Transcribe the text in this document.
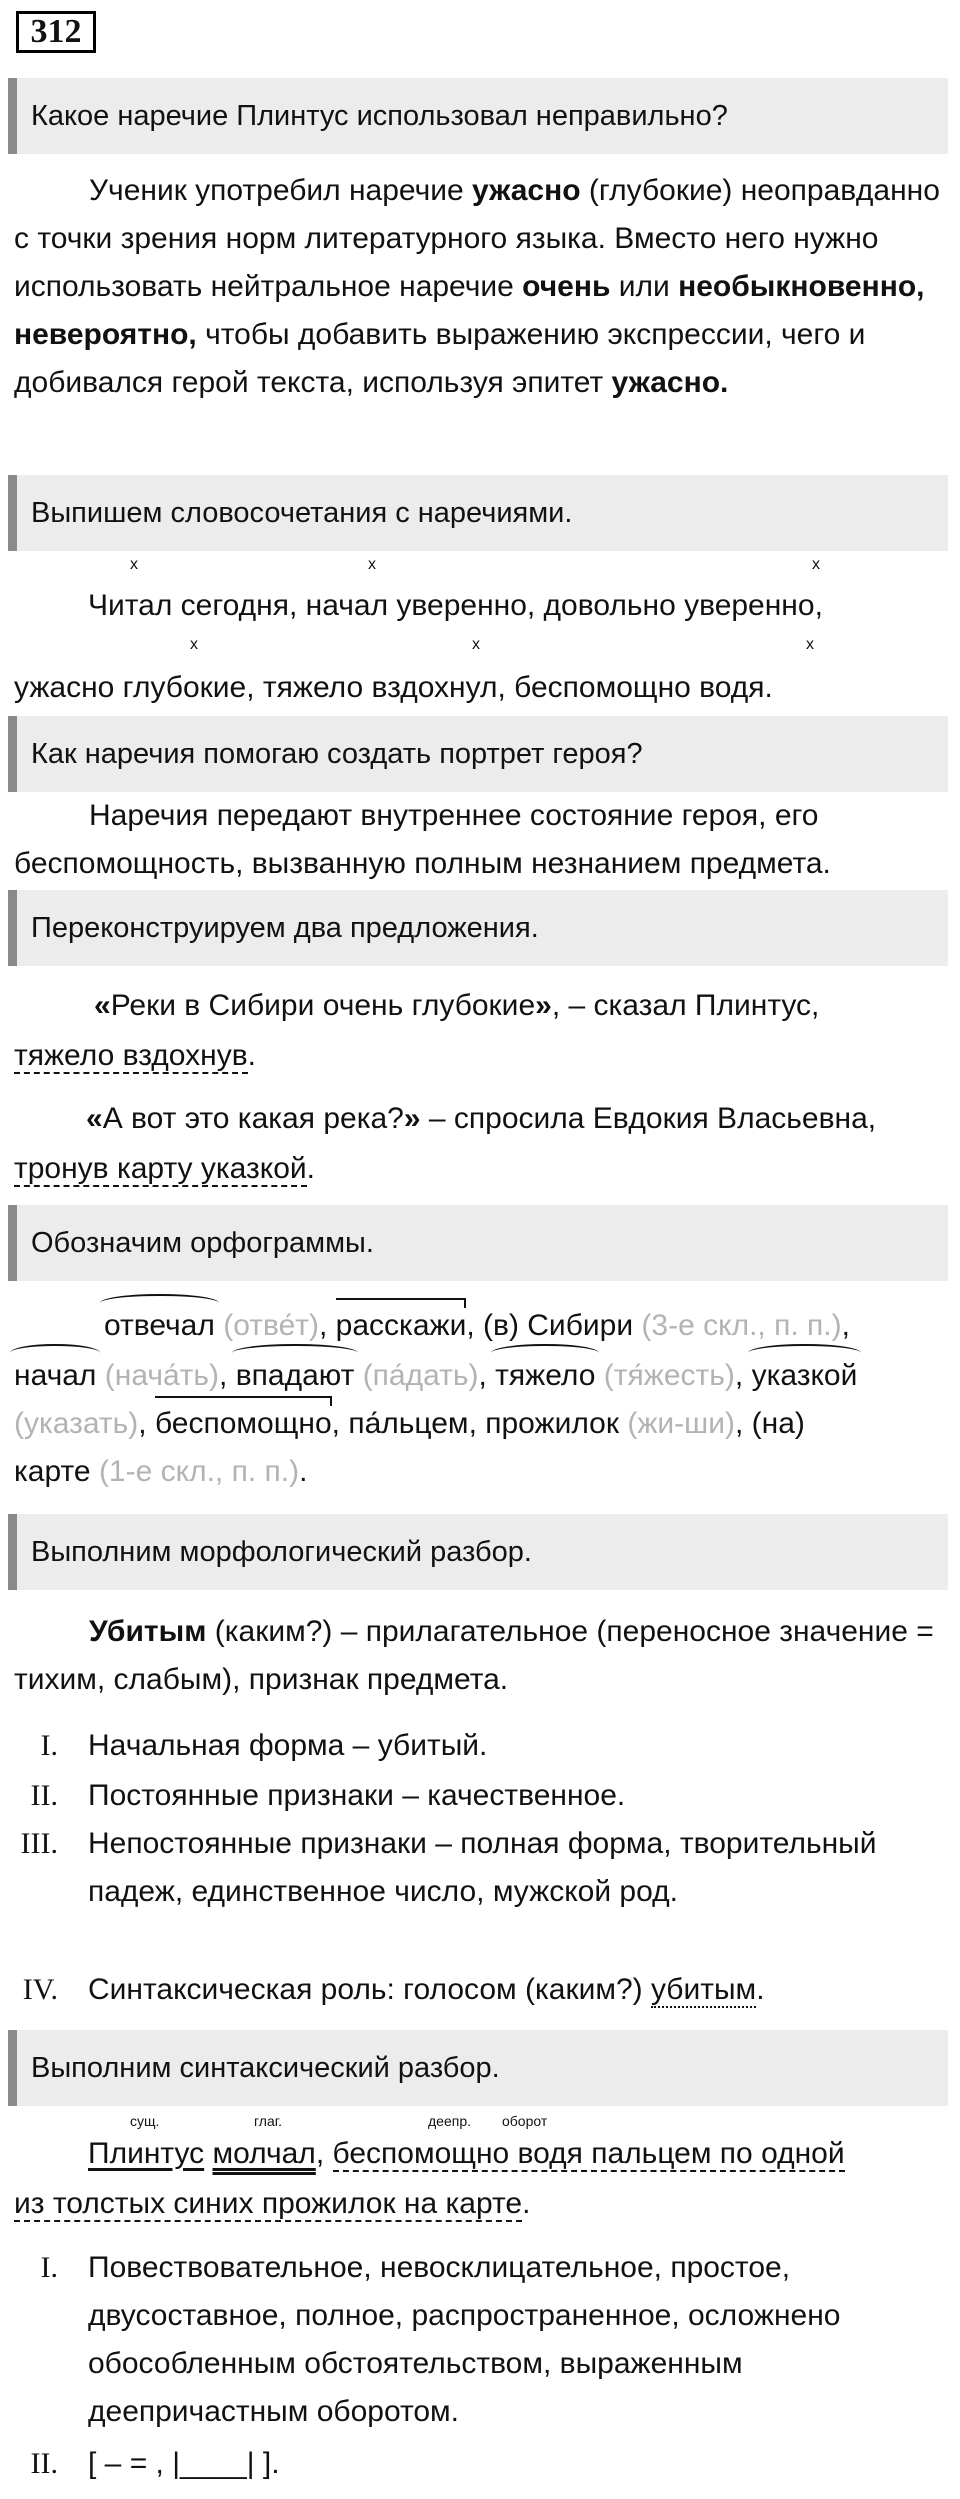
312
Какое наречие Плинтус использовал неправильно?
Ученик употребил наречие ужасно (глубокие) неоправданно с точки зрения норм литературного языка. Вместо него нужно использовать нейтральное наречие очень или необыкновенно, невероятно, чтобы добавить выражению экспрессии, чего и добивался герой текста, используя эпитет ужасно.
Выпишем словосочетания с наречиями.
х	х	х
Читал сегодня, начал уверенно, довольно уверенно,
х	х	х
ужасно глубокие, тяжело вздохнул, беспомощно водя.
Как наречия помогаю создать портрет героя?
Наречия передают внутреннее состояние героя, его беспомощность, вызванную полным незнанием предмета.
Переконструируем два предложения.
«Реки в Сибири очень глубокие», – сказал Плинтус,
тяжело вздохнув.
«А вот это какая река?» – спросила Евдокия Власьевна,
тронув карту указкой.
Обозначим орфограммы.
отвечал (отве́т), расскажи, (в) Сибири (3-е скл., п. п.),
начал (нача́ть), впадают (па́дать), тяжело (тя́жесть), указкой
(указать), беспомощно, па́льцем, прожилок (жи-ши), (на)
карте (1-е скл., п. п.).
Выполним морфологический разбор.
Убитым (каким?) – прилагательное (переносное значение = тихим, слабым), признак предмета.
I. Начальная форма – убитый.
II. Постоянные признаки – качественное.
III. Непостоянные признаки – полная форма, творительный падеж, единственное число, мужской род.
IV. Синтаксическая роль: голосом (каким?) убитым.
Выполним синтаксический разбор.
сущ.	глаг.	деепр. оборот
Плинтус молчал, беспомощно водя пальцем по одной
из толстых синих прожилок на карте.
I. Повествовательное, невосклицательное, простое, двусоставное, полное, распространенное, осложнено обособленным обстоятельством, выраженным деепричастным оборотом.
II. [ – = , |____| ].
